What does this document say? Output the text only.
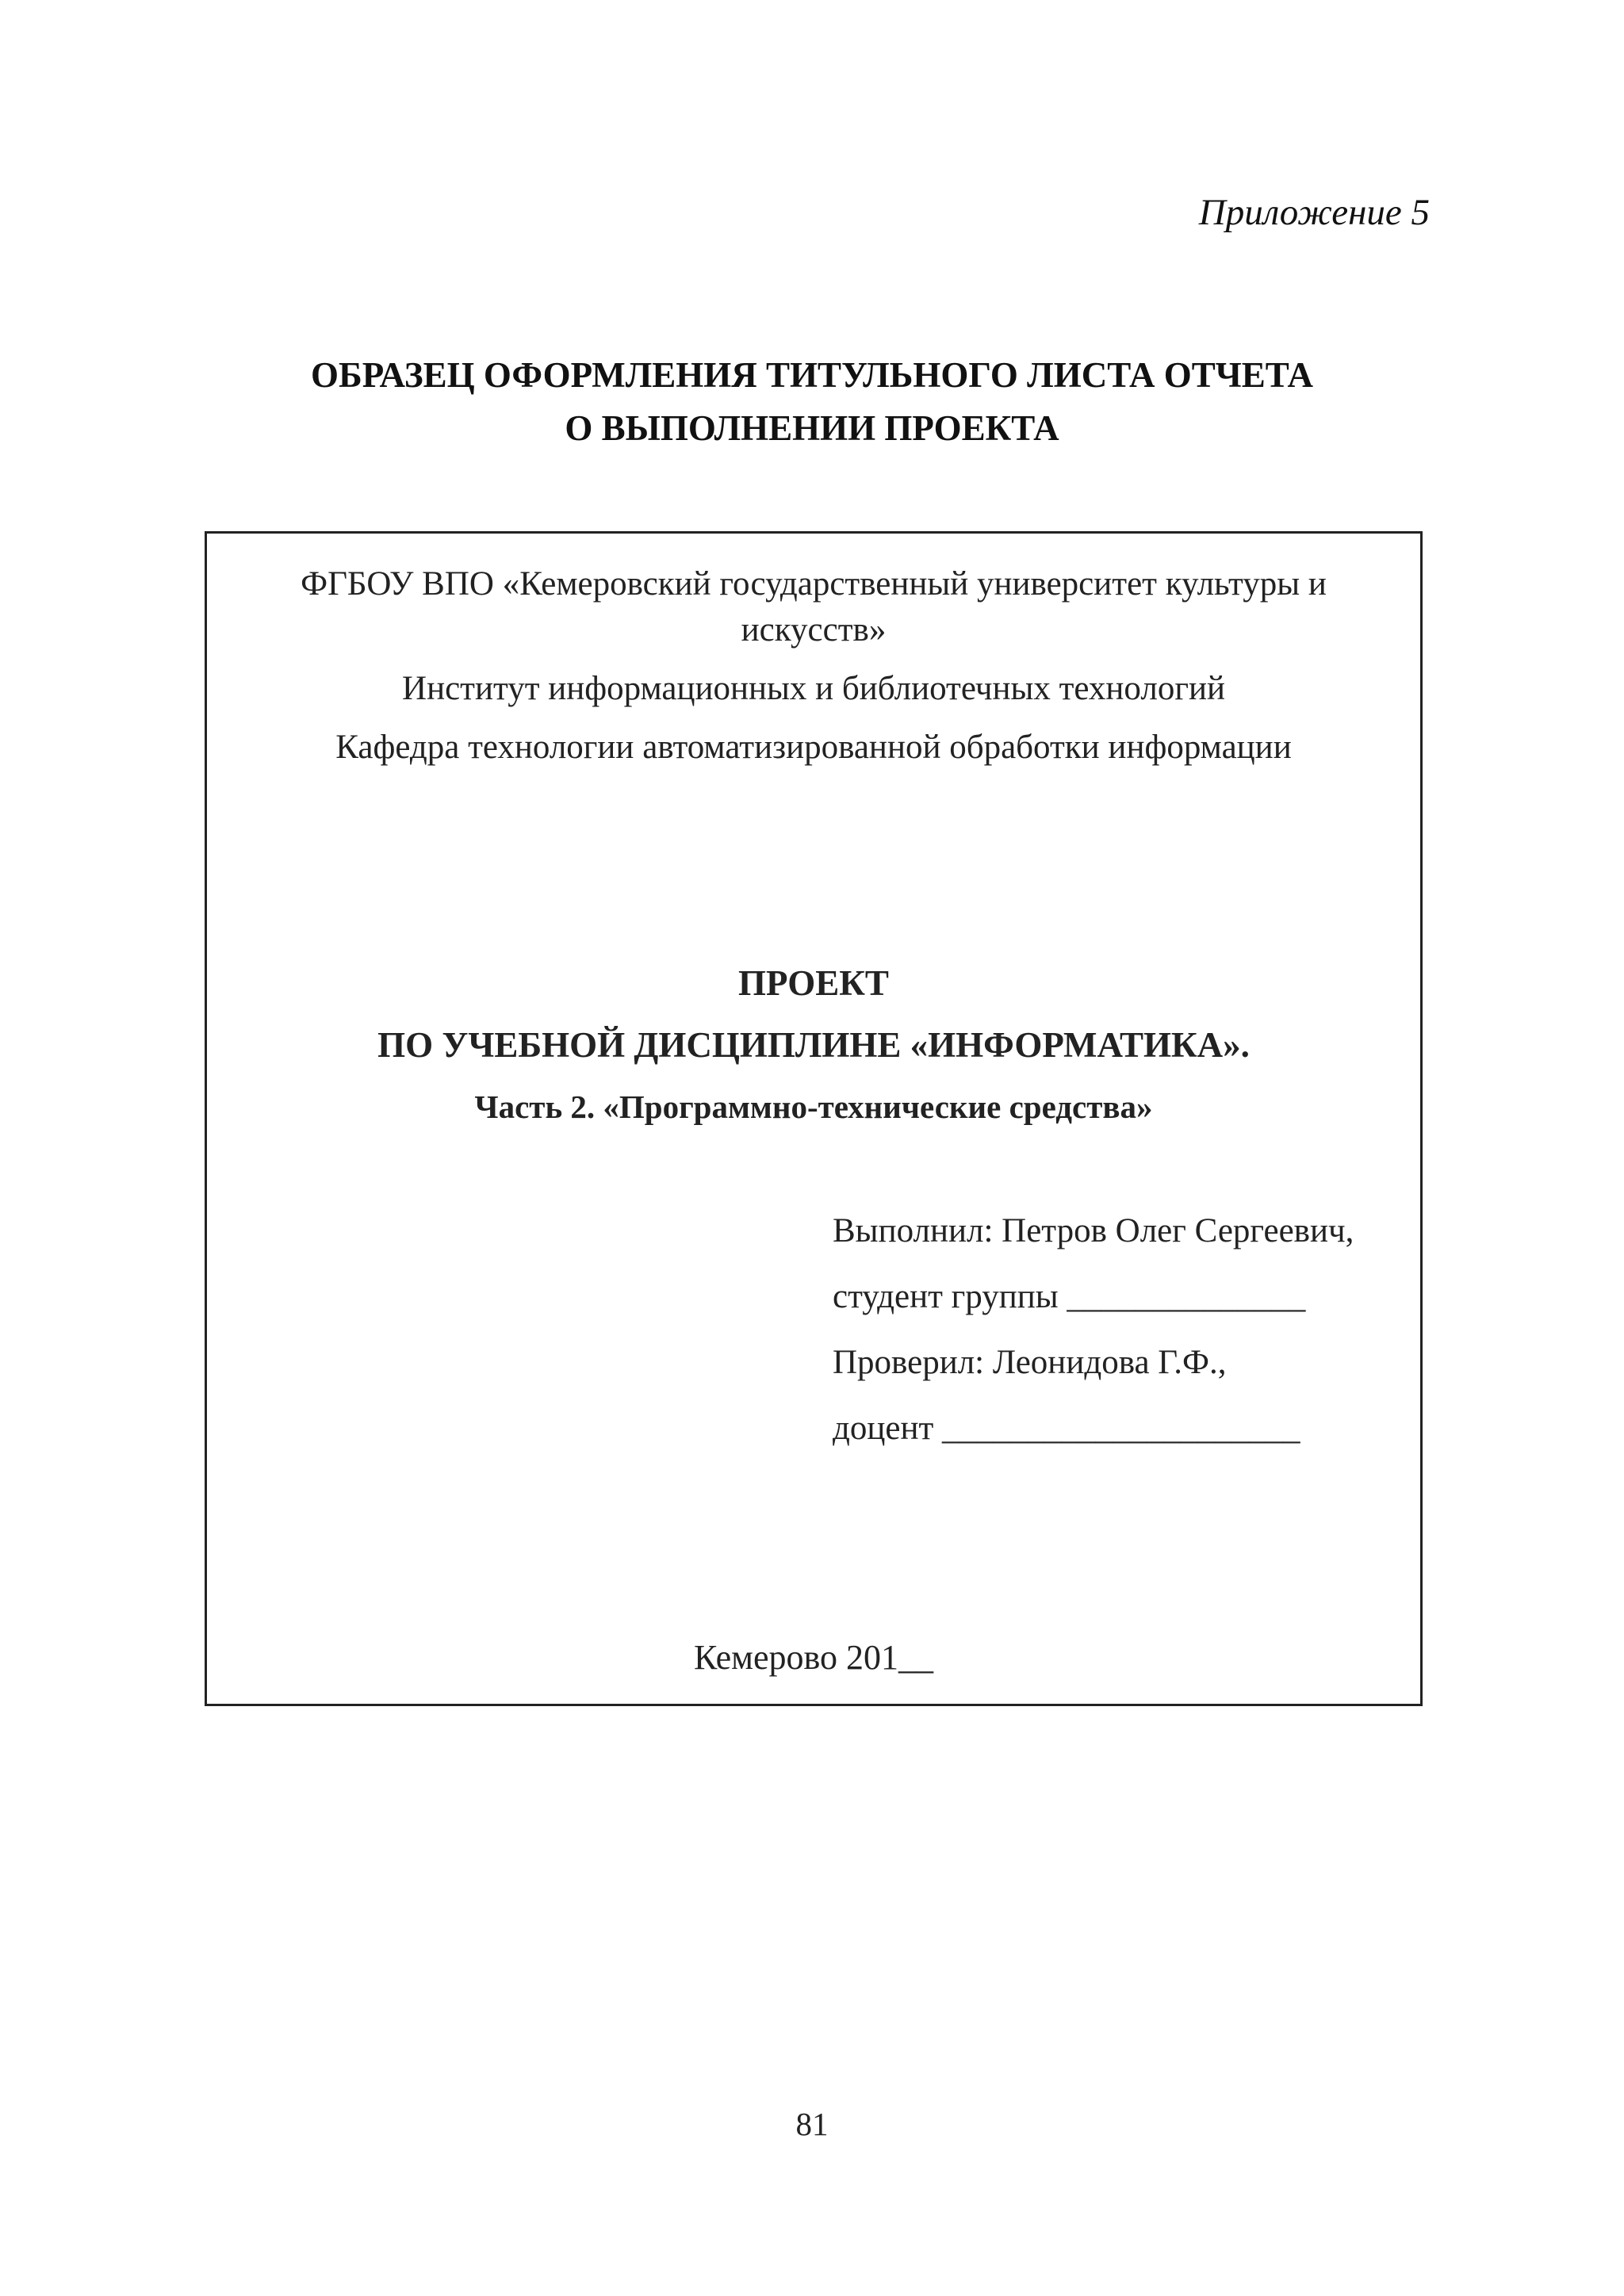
Приложение 5

ОБРАЗЕЦ ОФОРМЛЕНИЯ ТИТУЛЬНОГО ЛИСТА ОТЧЕТА
О ВЫПОЛНЕНИИ ПРОЕКТА
ФГБОУ ВПО «Кемеровский государственный университет культуры и
искусств»
Институт информационных и библиотечных технологий
Кафедра технологии автоматизированной обработки информации
ПРОЕКТ
ПО УЧЕБНОЙ ДИСЦИПЛИНЕ «ИНФОРМАТИКА».
Часть 2. «Программно-технические средства»
Выполнил: Петров Олег Сергеевич,
студент группы ______________
Проверил: Леонидова Г.Ф.,
доцент _____________________
Кемерово 201__
81
